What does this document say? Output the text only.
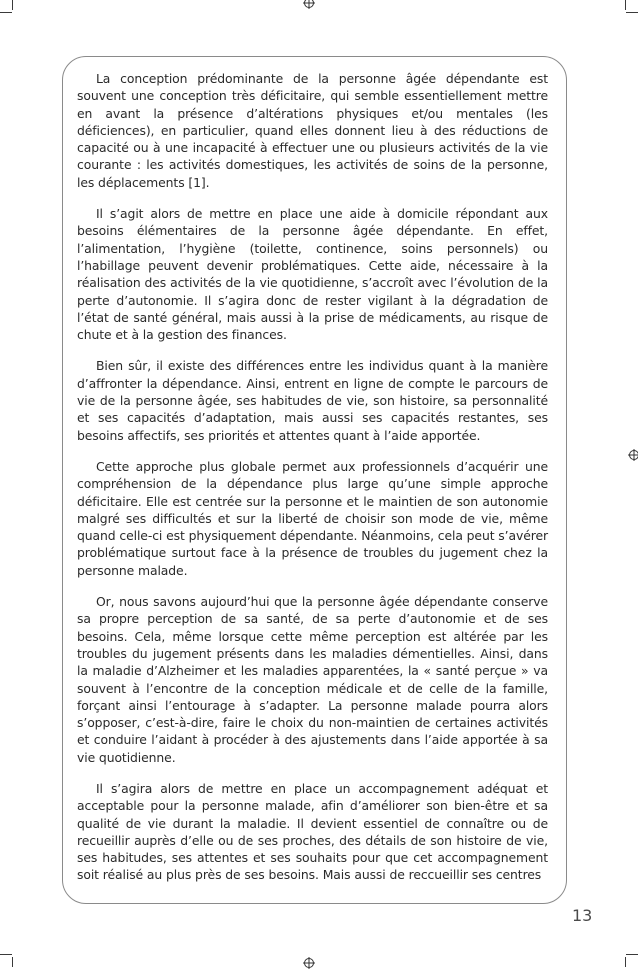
La conception prédominante de la personne âgée dépendante est souvent une conception très déficitaire, qui semble essentiellement mettre en avant la présence d’altérations physiques et/ou mentales (les déficiences), en particulier, quand elles donnent lieu à des réductions de capacité ou à une incapacité à effectuer une ou plusieurs activités de la vie courante : les activités domestiques, les activités de soins de la personne, les déplacements [1].

Il s’agit alors de mettre en place une aide à domicile répondant aux besoins élémentaires de la personne âgée dépendante. En effet, l’alimentation, l’hygiène (toilette, continence, soins personnels) ou l’habillage peuvent devenir problématiques. Cette aide, nécessaire à la réalisation des activités de la vie quotidienne, s’accroît avec l’évolution de la perte d’autonomie. Il s’agira donc de rester vigilant à la dégradation de l’état de santé général, mais aussi à la prise de médicaments, au risque de chute et à la gestion des finances.

Bien sûr, il existe des différences entre les individus quant à la manière d’affronter la dépendance. Ainsi, entrent en ligne de compte le parcours de vie de la personne âgée, ses habitudes de vie, son histoire, sa personnalité et ses capacités d’adaptation, mais aussi ses capacités restantes, ses besoins affectifs, ses priorités et attentes quant à l’aide apportée.

Cette approche plus globale permet aux professionnels d’acquérir une compréhension de la dépendance plus large qu’une simple approche déficitaire. Elle est centrée sur la personne et le maintien de son autonomie malgré ses difficultés et sur la liberté de choisir son mode de vie, même quand celle-ci est physiquement dépendante. Néanmoins, cela peut s’avérer problématique surtout face à la présence de troubles du jugement chez la personne malade.

Or, nous savons aujourd’hui que la personne âgée dépendante conserve sa propre perception de sa santé, de sa perte d’autonomie et de ses besoins. Cela, même lorsque cette même perception est altérée par les troubles du jugement présents dans les maladies démentielles. Ainsi, dans la maladie d’Alzheimer et les maladies apparentées, la « santé perçue » va souvent à l’encontre de la conception médicale et de celle de la famille, forçant ainsi l’entourage à s’adapter. La personne malade pourra alors s’opposer, c’est-à-dire, faire le choix du non-maintien de certaines activités et conduire l’aidant à procéder à des ajustements dans l’aide apportée à sa vie quotidienne.

Il s’agira alors de mettre en place un accompagnement adéquat et acceptable pour la personne malade, afin d’améliorer son bien-être et sa qualité de vie durant la maladie. Il devient essentiel de connaître ou de recueillir auprès d’elle ou de ses proches, des détails de son histoire de vie, ses habitudes, ses attentes et ses souhaits pour que cet accompagnement soit réalisé au plus près de ses besoins. Mais aussi de reccueillir ses centres

13
